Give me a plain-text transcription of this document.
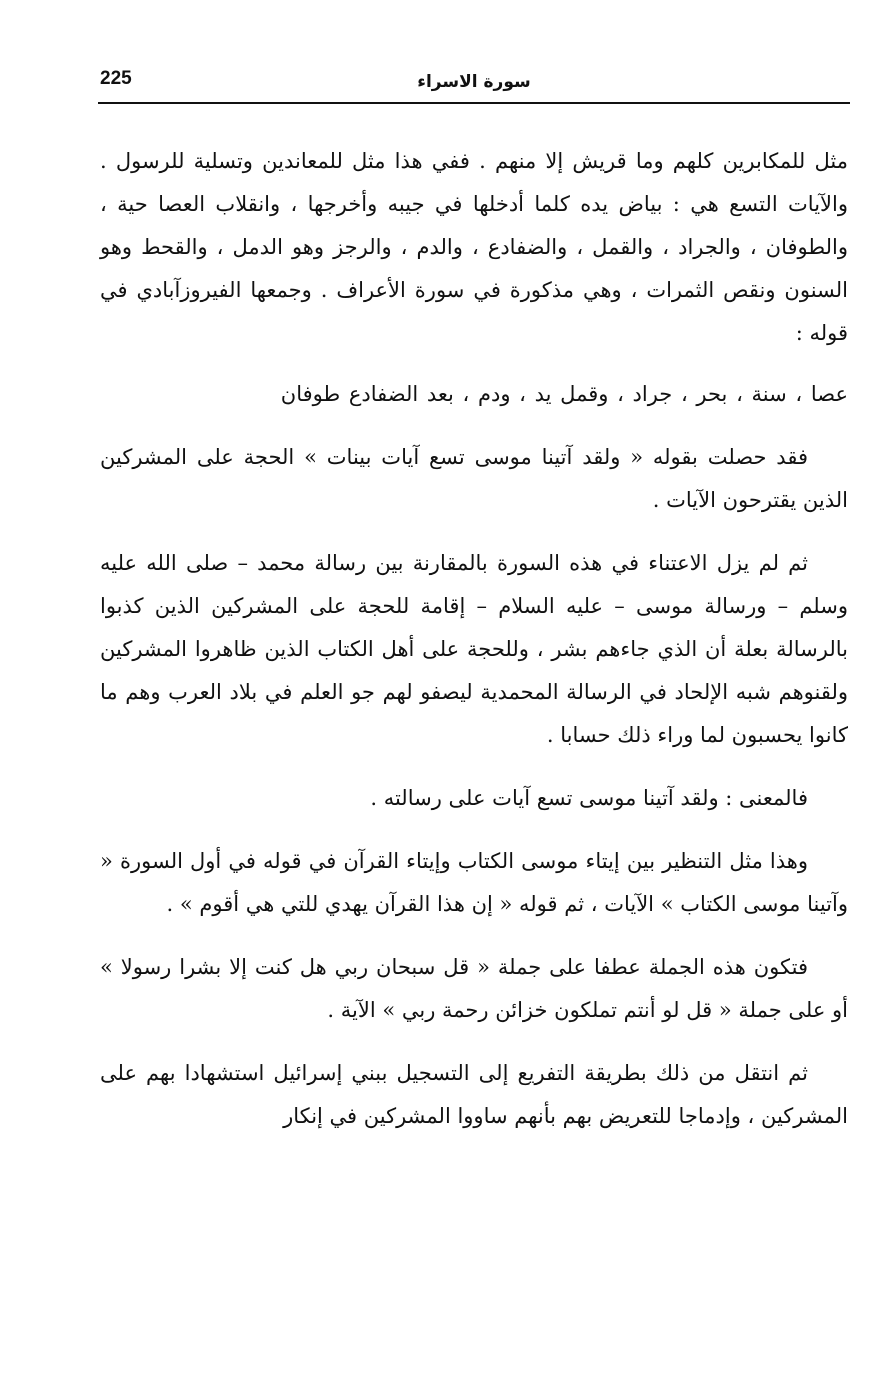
225	سورة الاسراء

مثل للمكابرين كلهم وما قريش إلا منهم . ففي هذا مثل للمعاندين وتسلية للرسول . والآيات التسع هي : بياض يده كلما أدخلها في جيبه وأخرجها ، وانقلاب العصا حية ، والطوفان ، والجراد ، والقمل ، والضفادع ، والدم ، والرجز وهو الدمل ، والقحط وهو السنون ونقص الثمرات ، وهي مذكورة في سورة الأعراف . وجمعها الفيروزآبادي في قوله :

عصا ، سنة ، بحر ، جراد ، وقمل يد ، ودم ، بعد الضفادع طوفان

فقد حصلت بقوله « ولقد آتينا موسى تسع آيات بينات » الحجة على المشركين الذين يقترحون الآيات .

ثم لم يزل الاعتناء في هذه السورة بالمقارنة بين رسالة محمد – صلى الله عليه وسلم – ورسالة موسى – عليه السلام – إقامة للحجة على المشركين الذين كذبوا بالرسالة بعلة أن الذي جاءهم بشر ، وللحجة على أهل الكتاب الذين ظاهروا المشركين ولقنوهم شبه الإلحاد في الرسالة المحمدية ليصفو لهم جو العلم في بلاد العرب وهم ما كانوا يحسبون لما وراء ذلك حسابا .

فالمعنى : ولقد آتينا موسى تسع آيات على رسالته .

وهذا مثل التنظير بين إيتاء موسى الكتاب وإيتاء القرآن في قوله في أول السورة « وآتينا موسى الكتاب » الآيات ، ثم قوله « إن هذا القرآن يهدي للتي هي أقوم » .

فتكون هذه الجملة عطفا على جملة « قل سبحان ربي هل كنت إلا بشرا رسولا » أو على جملة « قل لو أنتم تملكون خزائن رحمة ربي » الآية .

ثم انتقل من ذلك بطريقة التفريع إلى التسجيل ببني إسرائيل استشهادا بهم على المشركين ، وإدماجا للتعريض بهم بأنهم ساووا المشركين في إنكار
